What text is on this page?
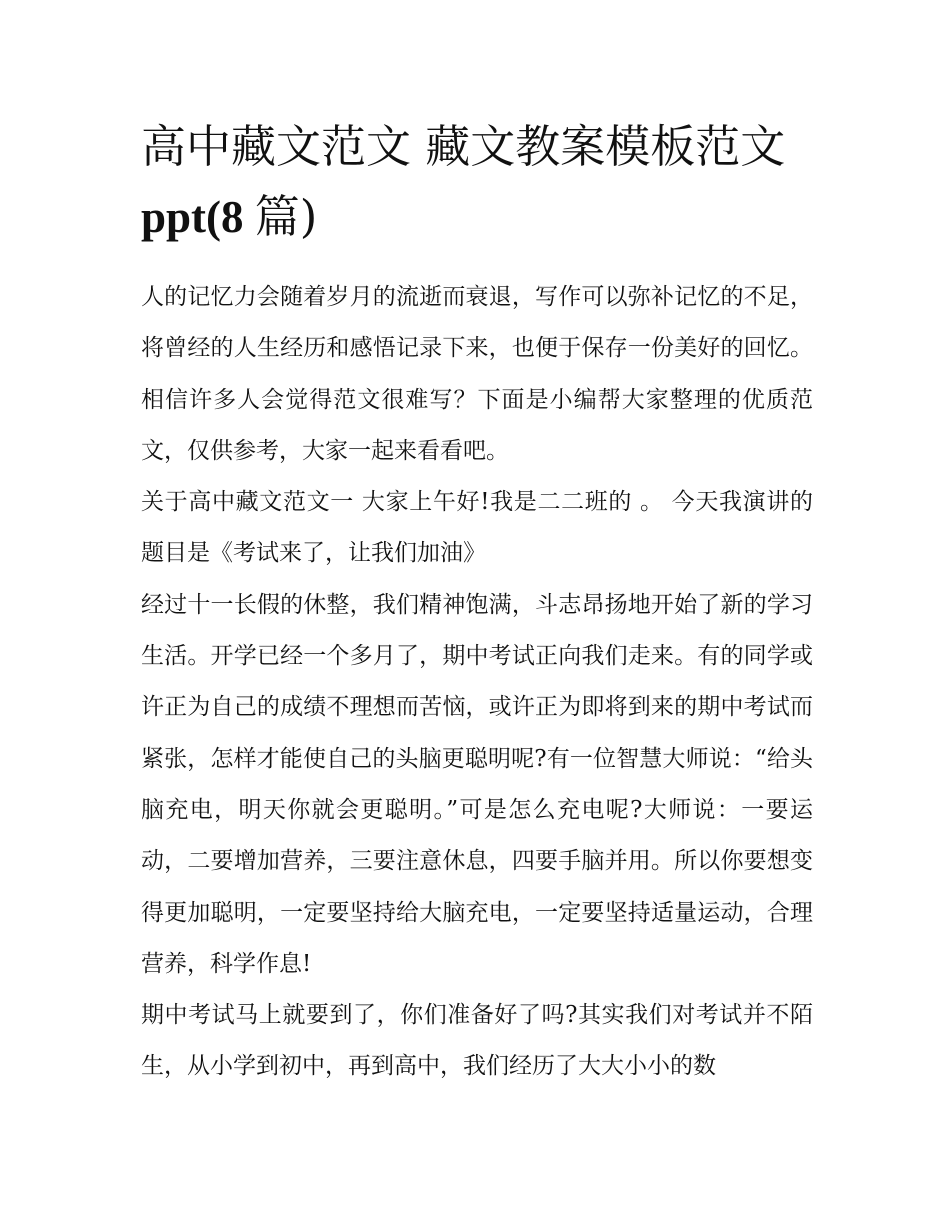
高中藏文范文 藏文教案模板范文 ppt(8 篇)

人的记忆力会随着岁月的流逝而衰退，写作可以弥补记忆的不足，将曾经的人生经历和感悟记录下来，也便于保存一份美好的回忆。相信许多人会觉得范文很难写？下面是小编帮大家整理的优质范文，仅供参考，大家一起来看看吧。

关于高中藏文范文一 大家上午好!我是二二班的 。 今天我演讲的题目是《考试来了，让我们加油》

经过十一长假的休整，我们精神饱满，斗志昂扬地开始了新的学习生活。开学已经一个多月了，期中考试正向我们走来。有的同学或许正为自己的成绩不理想而苦恼，或许正为即将到来的期中考试而紧张，怎样才能使自己的头脑更聪明呢?有一位智慧大师说：“给头脑充电，明天你就会更聪明。”可是怎么充电呢?大师说：一要运动，二要增加营养，三要注意休息，四要手脑并用。所以你要想变得更加聪明，一定要坚持给大脑充电，一定要坚持适量运动，合理营养，科学作息!

期中考试马上就要到了，你们准备好了吗?其实我们对考试并不陌生，从小学到初中，再到高中，我们经历了大大小小的数
